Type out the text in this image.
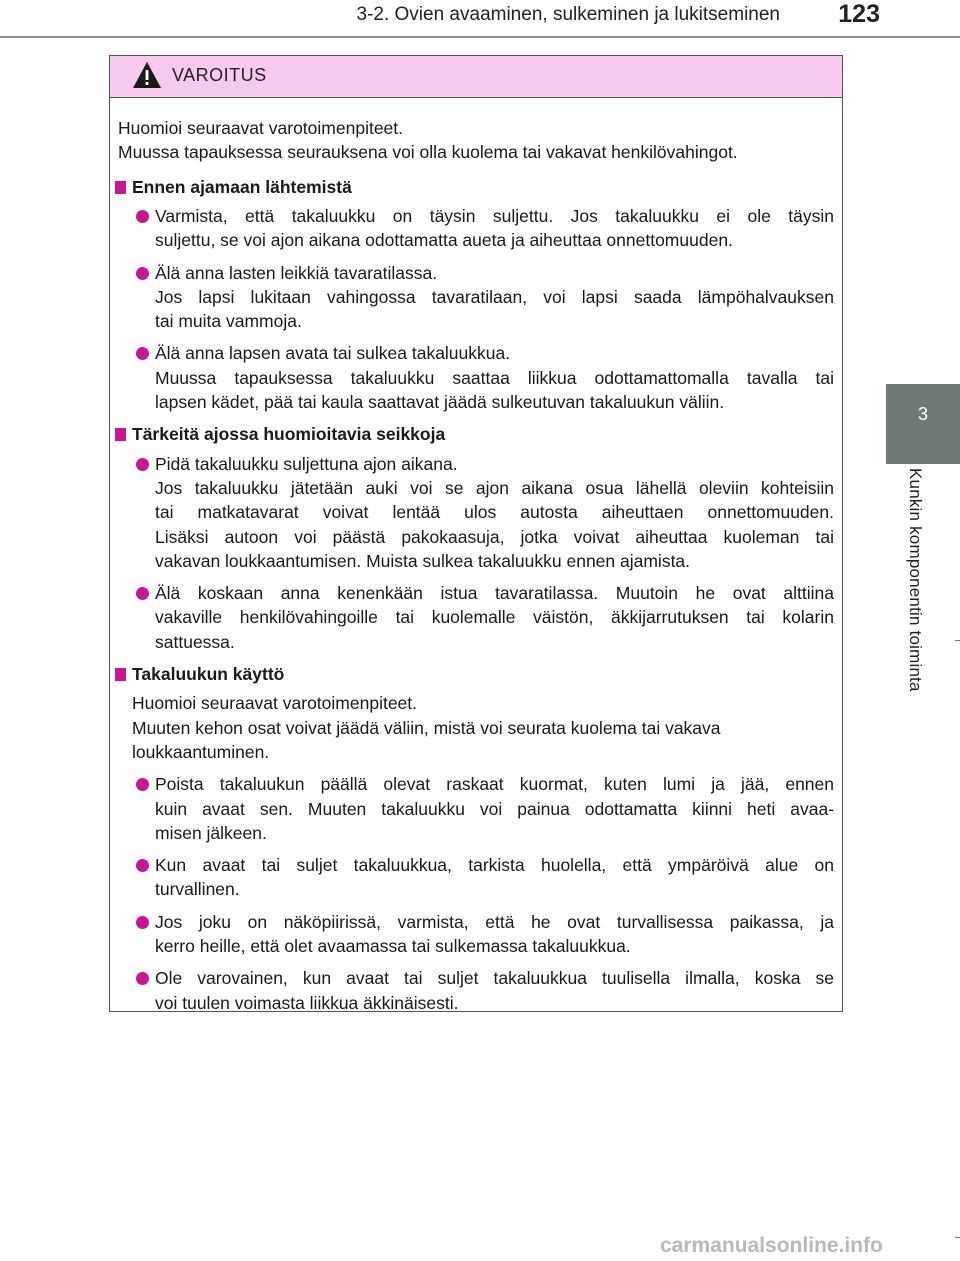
3-2. Ovien avaaminen, sulkeminen ja lukitseminen	123
3
Kunkin komponentin toiminta
VAROITUS
Huomioi seuraavat varotoimenpiteet.
Muussa tapauksessa seurauksena voi olla kuolema tai vakavat henkilövahingot.
Ennen ajamaan lähtemistä
Varmista, että takaluukku on täysin suljettu. Jos takaluukku ei ole täysin
suljettu, se voi ajon aikana odottamatta aueta ja aiheuttaa onnettomuuden.
Älä anna lasten leikkiä tavaratilassa.
Jos lapsi lukitaan vahingossa tavaratilaan, voi lapsi saada lämpöhalvauksen
tai muita vammoja.
Älä anna lapsen avata tai sulkea takaluukkua.
Muussa tapauksessa takaluukku saattaa liikkua odottamattomalla tavalla tai
lapsen kädet, pää tai kaula saattavat jäädä sulkeutuvan takaluukun väliin.
Tärkeitä ajossa huomioitavia seikkoja
Pidä takaluukku suljettuna ajon aikana.
Jos takaluukku jätetään auki voi se ajon aikana osua lähellä oleviin kohteisiin
tai matkatavarat voivat lentää ulos autosta aiheuttaen onnettomuuden.
Lisäksi autoon voi päästä pakokaasuja, jotka voivat aiheuttaa kuoleman tai
vakavan loukkaantumisen. Muista sulkea takaluukku ennen ajamista.
Älä koskaan anna kenenkään istua tavaratilassa. Muutoin he ovat alttiina
vakaville henkilövahingoille tai kuolemalle väistön, äkkijarrutuksen tai kolarin
sattuessa.
Takaluukun käyttö
Huomioi seuraavat varotoimenpiteet.
Muuten kehon osat voivat jäädä väliin, mistä voi seurata kuolema tai vakava
loukkaantuminen.
Poista takaluukun päällä olevat raskaat kuormat, kuten lumi ja jää, ennen
kuin avaat sen. Muuten takaluukku voi painua odottamatta kiinni heti avaa-
misen jälkeen.
Kun avaat tai suljet takaluukkua, tarkista huolella, että ympäröivä alue on
turvallinen.
Jos joku on näköpiirissä, varmista, että he ovat turvallisessa paikassa, ja
kerro heille, että olet avaamassa tai sulkemassa takaluukkua.
Ole varovainen, kun avaat tai suljet takaluukkua tuulisella ilmalla, koska se
voi tuulen voimasta liikkua äkkinäisesti.
carmanualsonline.info
